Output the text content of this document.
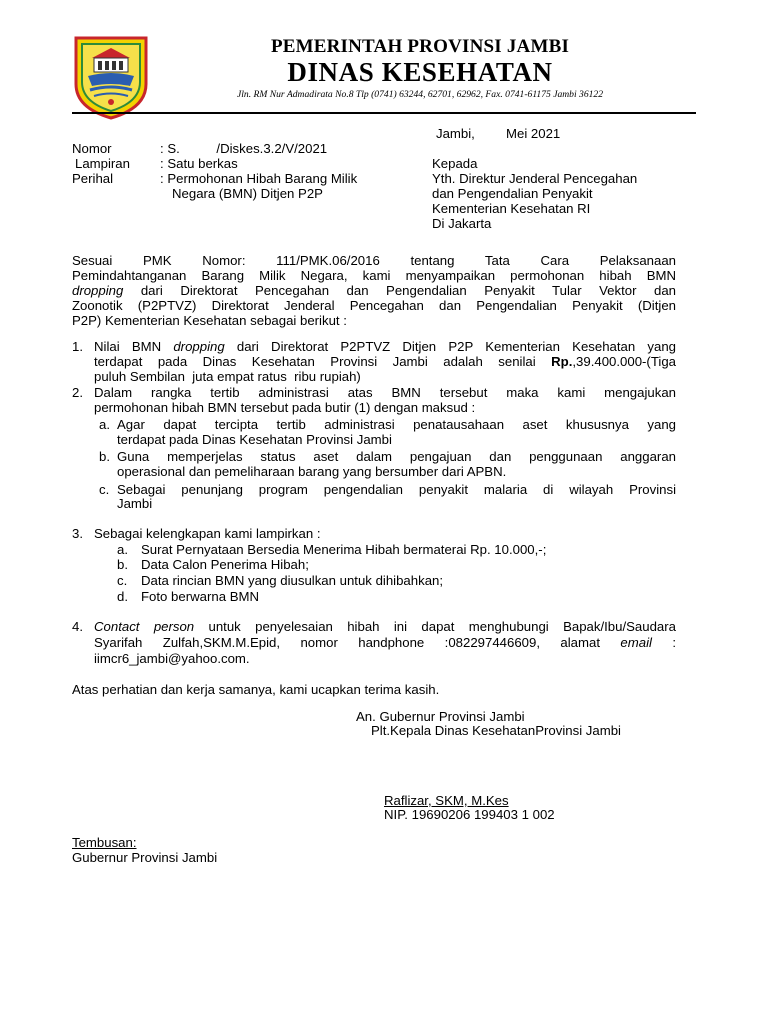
PEMERINTAH PROVINSI JAMBI
DINAS KESEHATAN
Jln. RM Nur Admadirata No.8 Tlp (0741) 63244, 62701, 62962, Fax. 0741-61175 Jambi 36122
Jambi, Mei 2021
Nomor	: S.          /Diskes.3.2/V/2021
Lampiran : Satu berkas
Perihal	: Permohonan Hibah Barang Milik
Negara (BMN) Ditjen P2P
Kepada
Yth. Direktur Jenderal Pencegahan
dan Pengendalian Penyakit
Kementerian Kesehatan RI
Di Jakarta
Sesuai PMK Nomor: 111/PMK.06/2016 tentang Tata Cara Pelaksanaan
Pemindahtanganan Barang Milik Negara, kami menyampaikan permohonan hibah BMN
dropping dari Direktorat Pencegahan dan Pengendalian Penyakit Tular Vektor dan
Zoonotik (P2PTVZ) Direktorat Jenderal Pencegahan dan Pengendalian Penyakit (Ditjen
P2P) Kementerian Kesehatan sebagai berikut :
1. Nilai BMN dropping dari Direktorat P2PTVZ Ditjen P2P Kementerian Kesehatan yang
terdapat pada Dinas Kesehatan Provinsi Jambi adalah senilai Rp.,39.400.000-(Tiga
puluh Sembilan  juta empat ratus  ribu rupiah)
2. Dalam rangka tertib administrasi atas BMN tersebut maka kami mengajukan
permohonan hibah BMN tersebut pada butir (1) dengan maksud :
a. Agar dapat tercipta tertib administrasi penatausahaan aset khususnya yang
terdapat pada Dinas Kesehatan Provinsi Jambi
b. Guna memperjelas status aset dalam pengajuan dan penggunaan anggaran
operasional dan pemeliharaan barang yang bersumber dari APBN.
c. Sebagai penunjang program pengendalian penyakit malaria di wilayah Provinsi
Jambi
3. Sebagai kelengkapan kami lampirkan :
a. Surat Pernyataan Bersedia Menerima Hibah bermaterai Rp. 10.000,-;
b. Data Calon Penerima Hibah;
c. Data rincian BMN yang diusulkan untuk dihibahkan;
d. Foto berwarna BMN
4. Contact person untuk penyelesaian hibah ini dapat menghubungi Bapak/Ibu/Saudara
Syarifah Zulfah,SKM.M.Epid, nomor handphone :082297446609, alamat email :
iimcr6_jambi@yahoo.com.
Atas perhatian dan kerja samanya, kami ucapkan terima kasih.
An. Gubernur Provinsi Jambi
Plt.Kepala Dinas KesehatanProvinsi Jambi
Raflizar, SKM, M.Kes
NIP. 19690206 199403 1 002
Tembusan:
Gubernur Provinsi Jambi
